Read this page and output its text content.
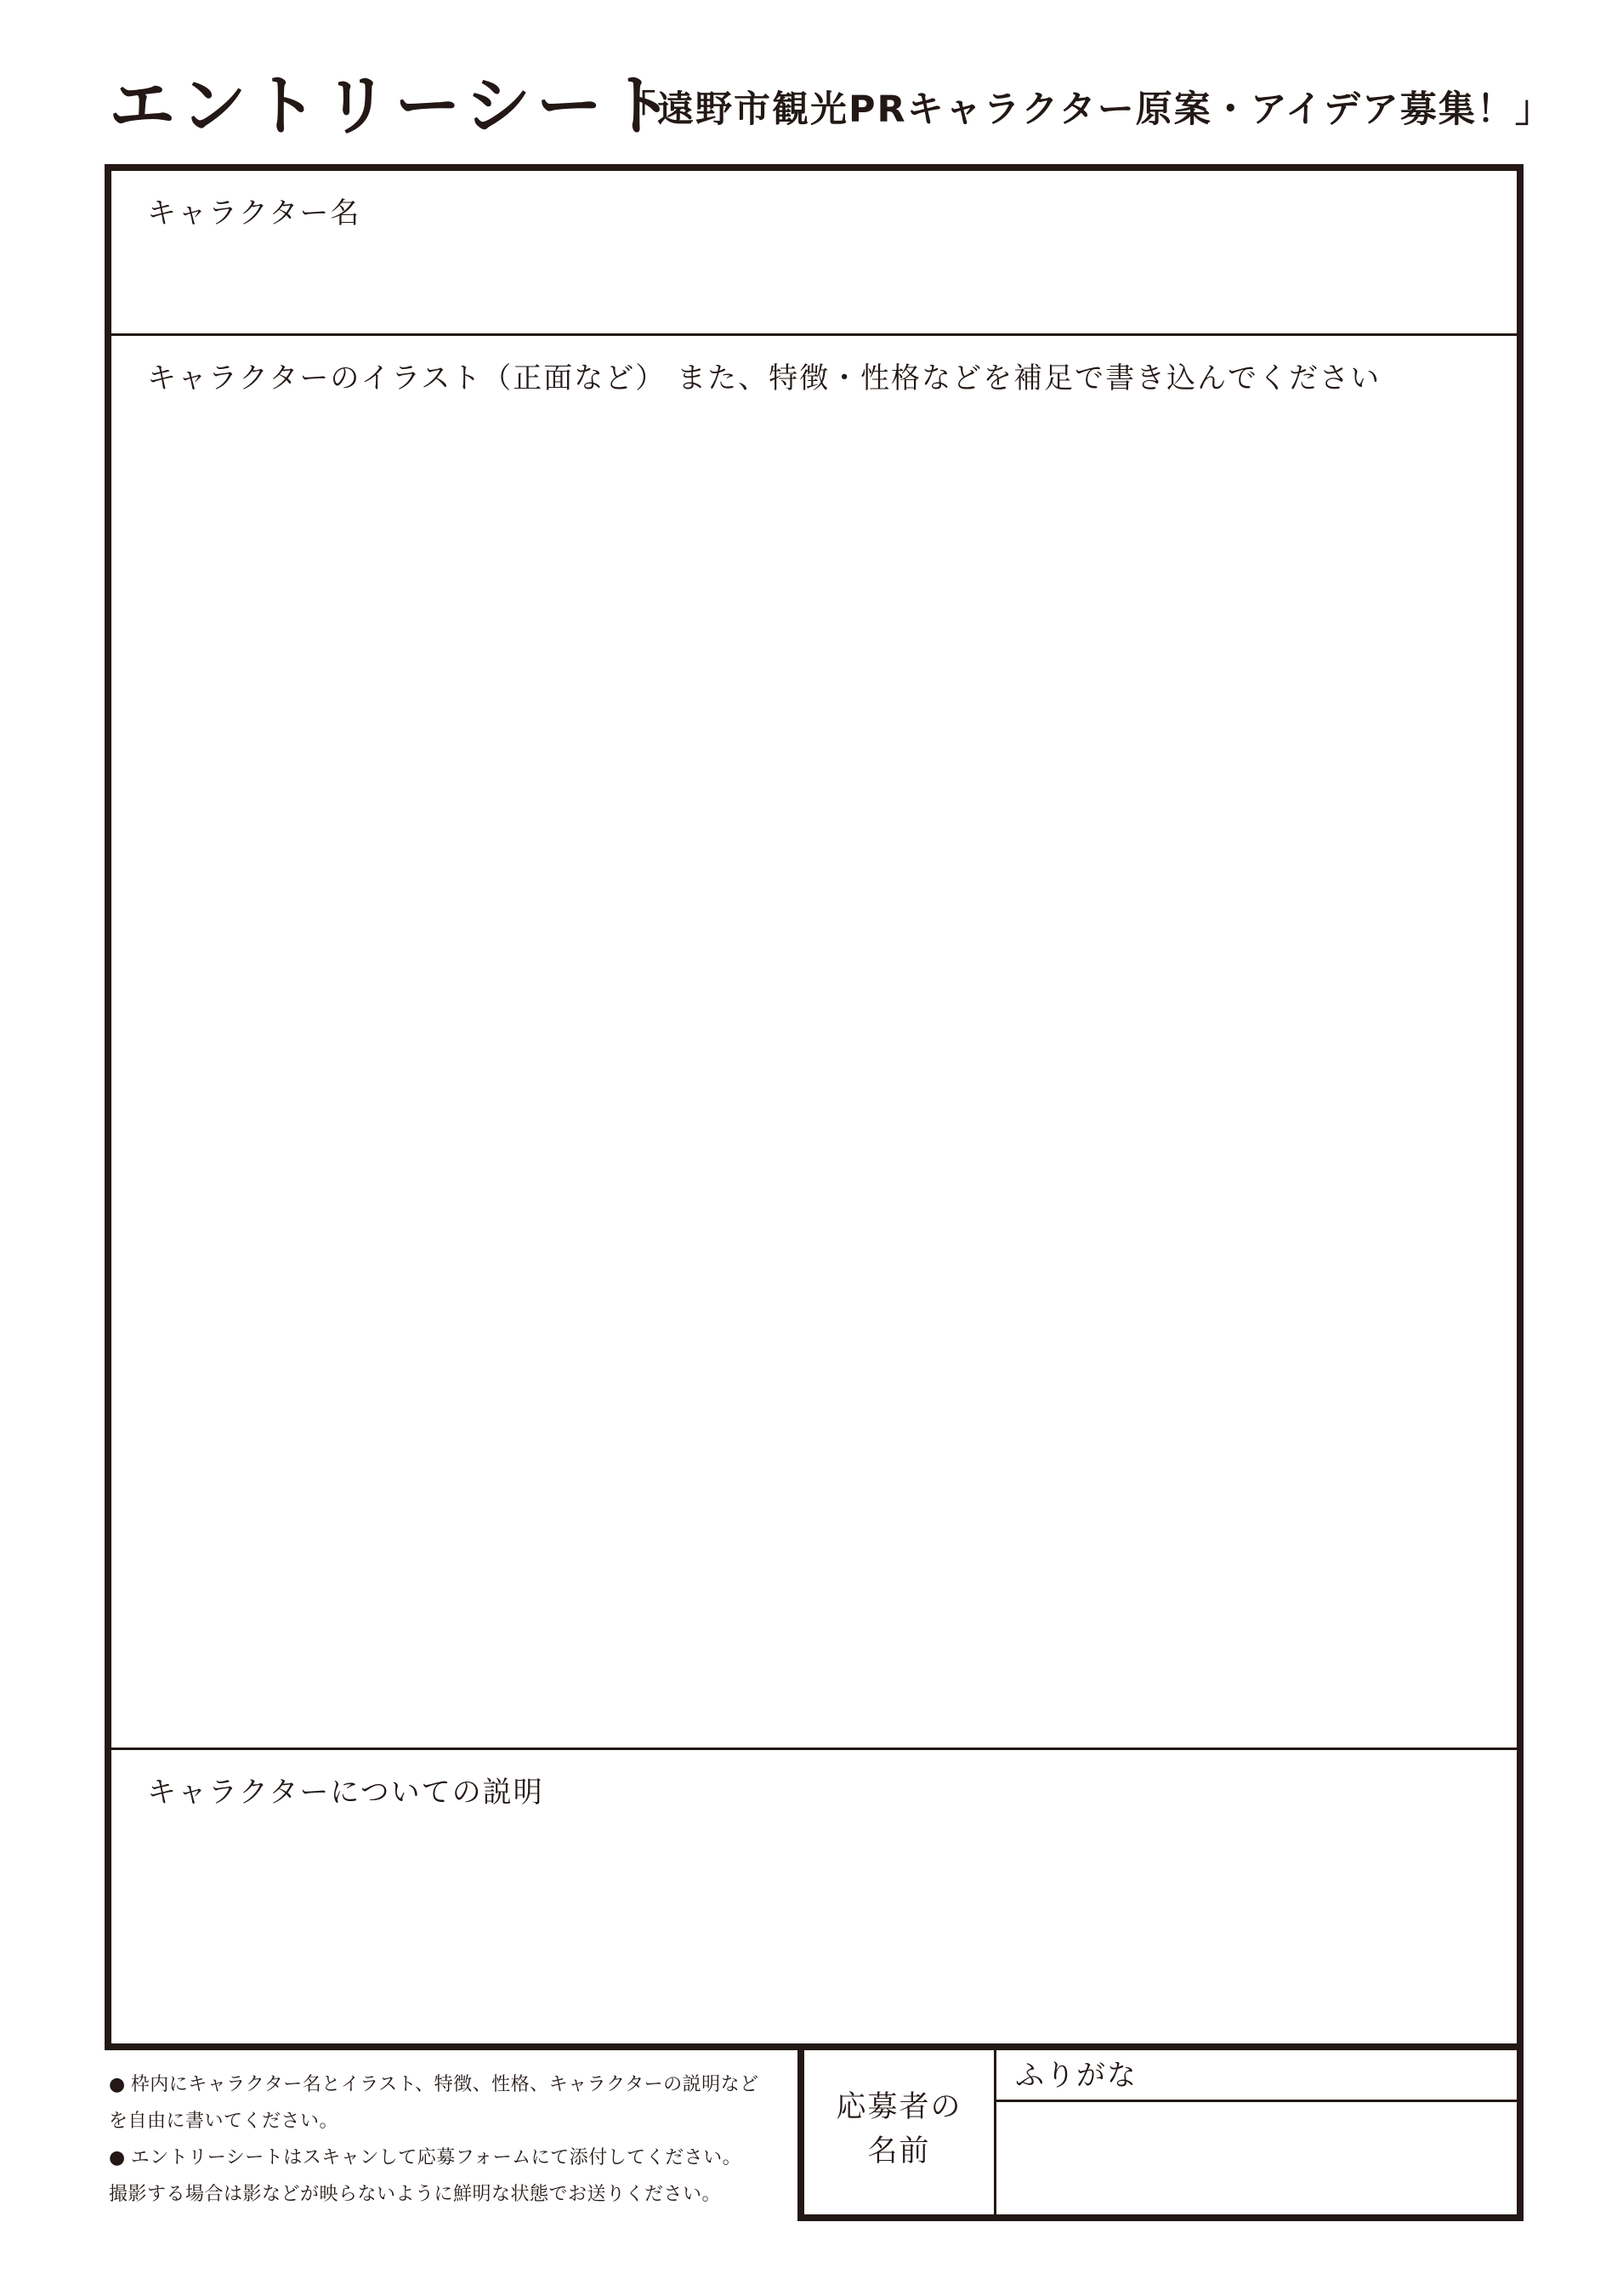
エントリーシート
「遠野市観光PRキャラクター原案・アイデア募集！」
キャラクター名
キャラクターのイラスト（正面など） また、特徴・性格などを補足で書き込んでください
キャラクターについての説明
● 枠内にキャラクター名とイラスト、特徴、性格、キャラクターの説明など
を自由に書いてください。
● エントリーシートはスキャンして応募フォームにて添付してください。
撮影する場合は影などが映らないように鮮明な状態でお送りください。
応募者の
名前
ふりがな
